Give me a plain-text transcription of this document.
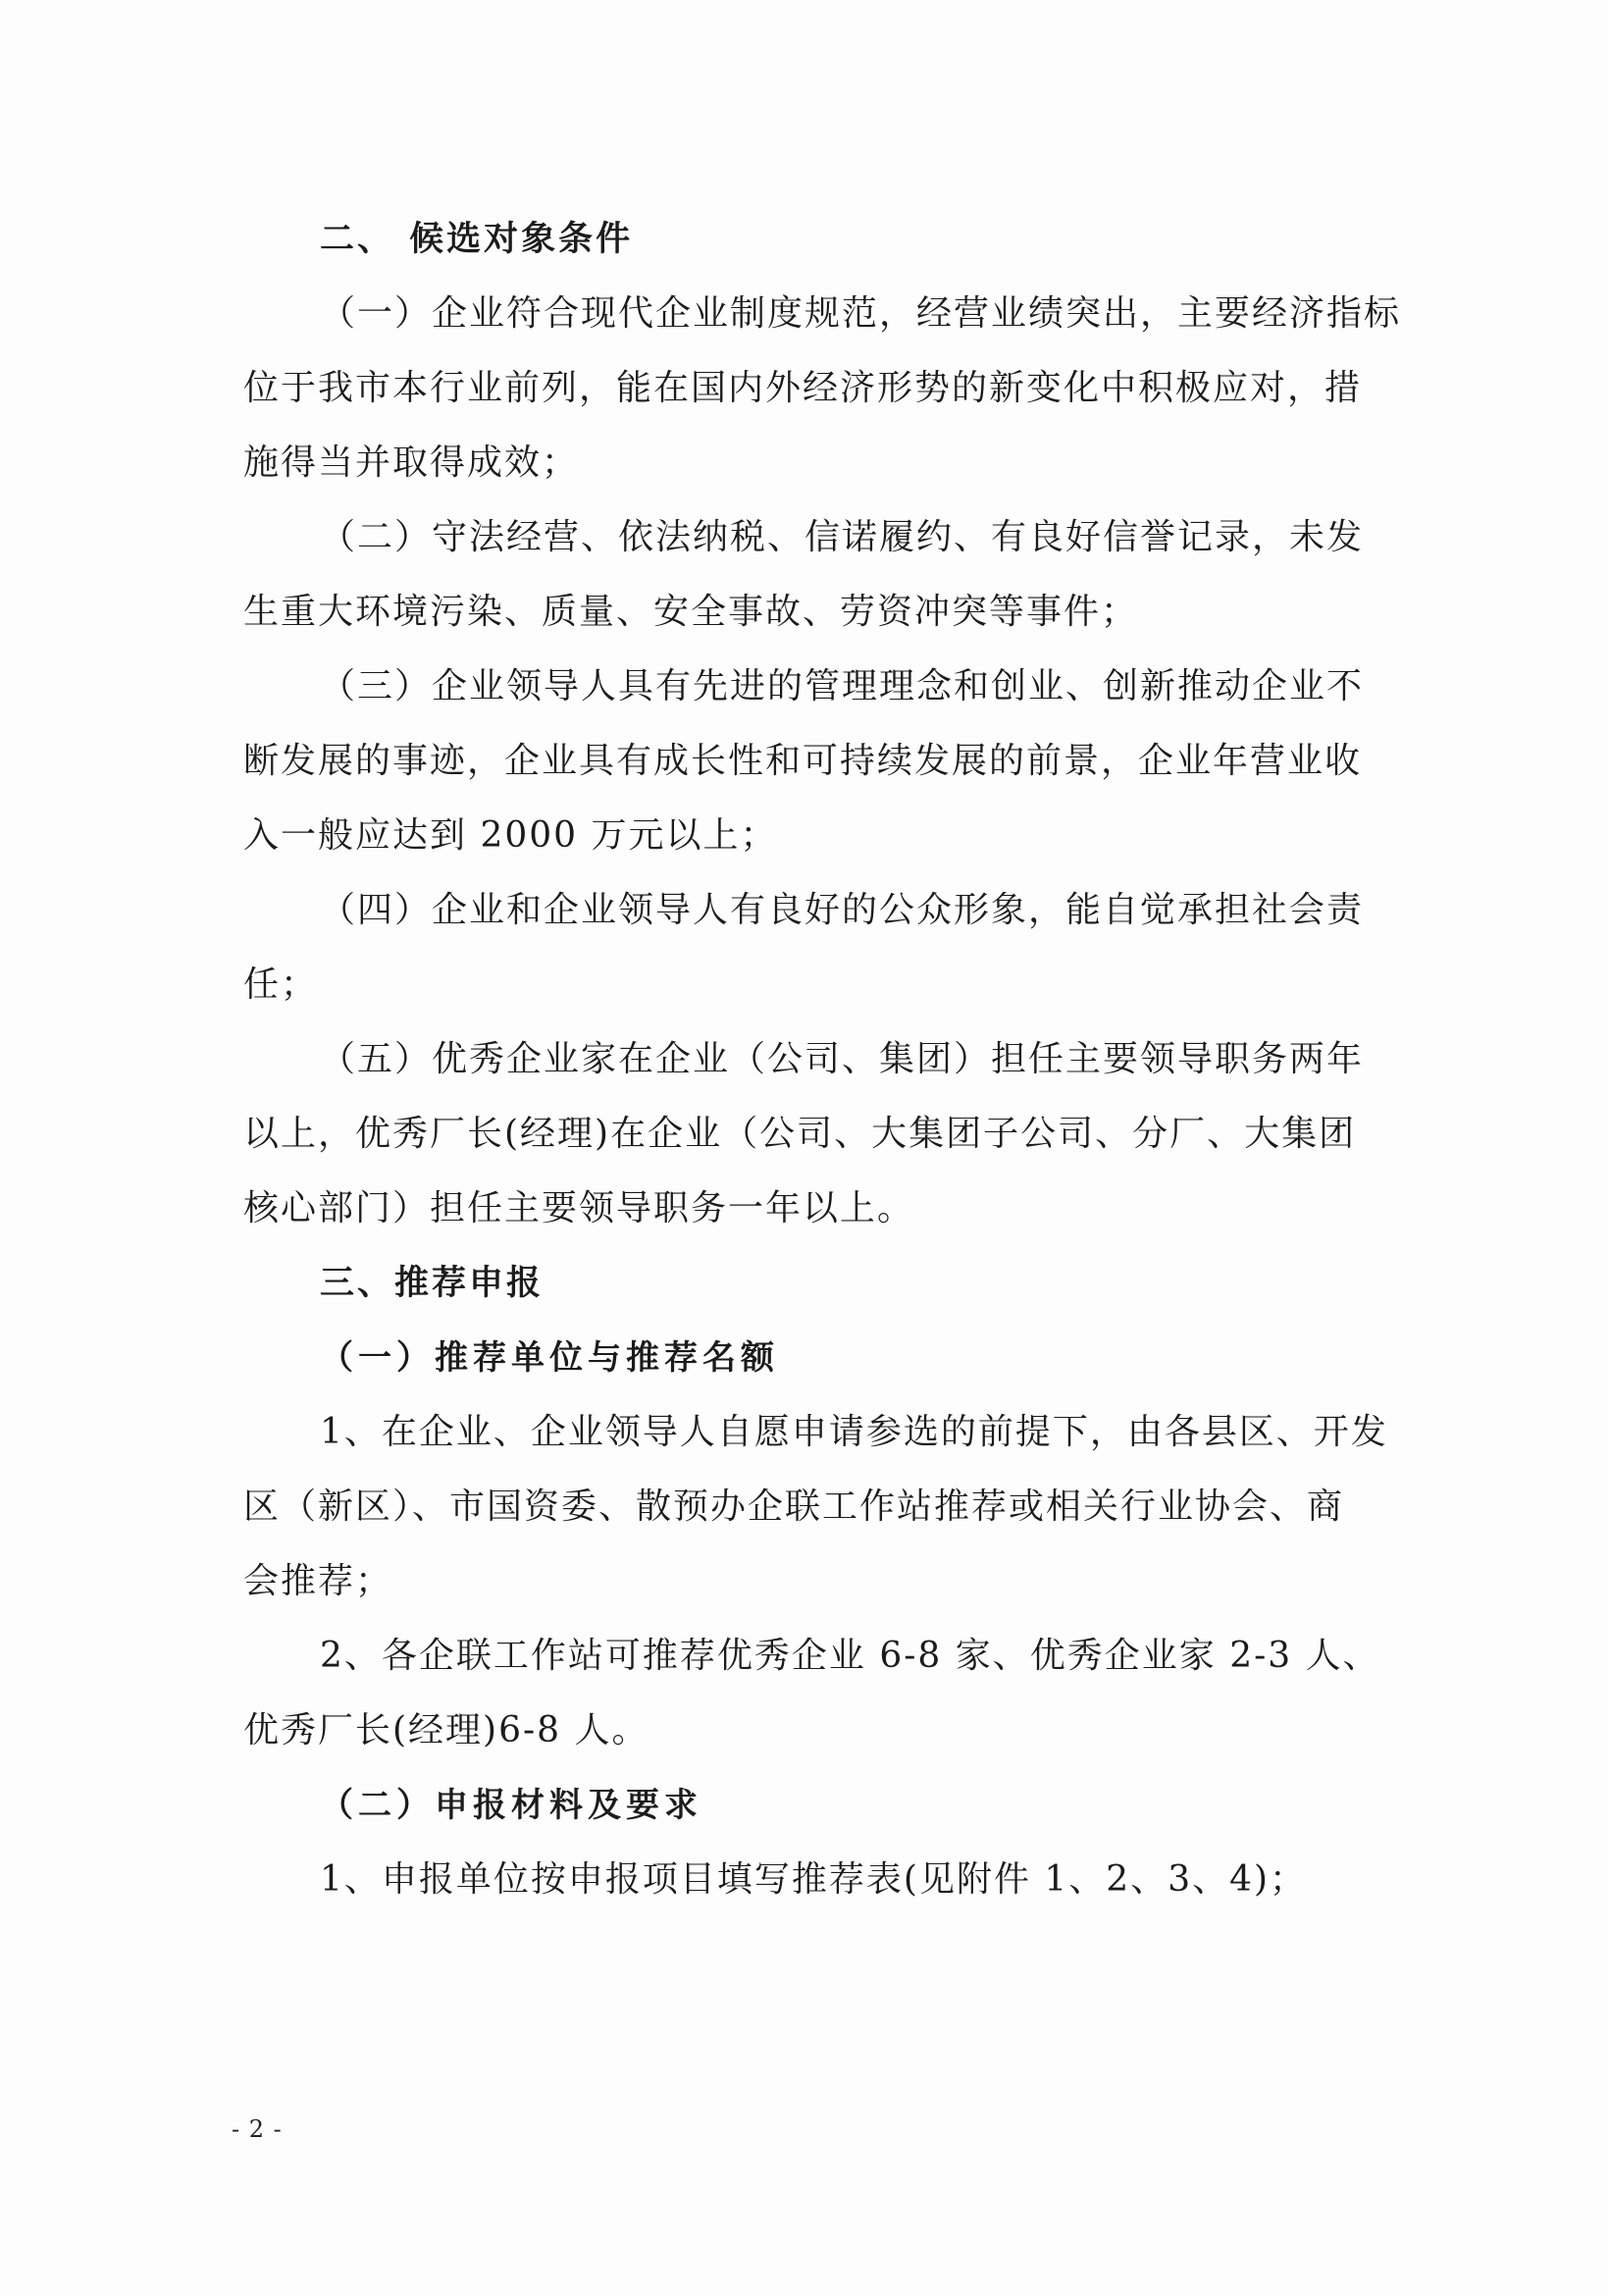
二、 候选对象条件
（一）企业符合现代企业制度规范，经营业绩突出，主要经济指标
位于我市本行业前列，能在国内外经济形势的新变化中积极应对，措
施得当并取得成效；
（二）守法经营、依法纳税、信诺履约、有良好信誉记录，未发
生重大环境污染、质量、安全事故、劳资冲突等事件；
（三）企业领导人具有先进的管理理念和创业、创新推动企业不
断发展的事迹，企业具有成长性和可持续发展的前景，企业年营业收
入一般应达到 2000 万元以上；
（四）企业和企业领导人有良好的公众形象，能自觉承担社会责
任；
（五）优秀企业家在企业（公司、集团）担任主要领导职务两年
以上，优秀厂长(经理)在企业（公司、大集团子公司、分厂、大集团
核心部门）担任主要领导职务一年以上。
三、推荐申报
（一）推荐单位与推荐名额
1、在企业、企业领导人自愿申请参选的前提下，由各县区、开发
区（新区）、市国资委、散预办企联工作站推荐或相关行业协会、商
会推荐；
2、各企联工作站可推荐优秀企业 6-8 家、优秀企业家 2-3 人、
优秀厂长(经理)6-8 人。
（二）申报材料及要求
1、申报单位按申报项目填写推荐表(见附件 1、2、3、4)；
- 2 -
